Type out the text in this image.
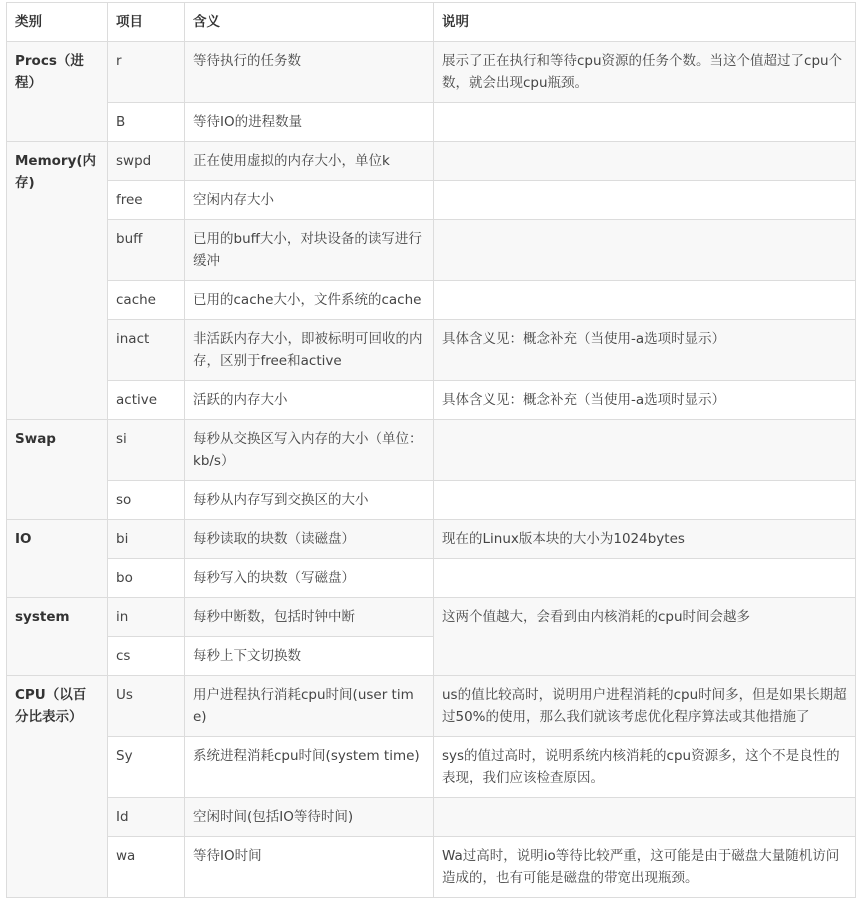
类别	项目	含义	说明
Procs（进程）	r	等待执行的任务数	展示了正在执行和等待cpu资源的任务个数。当这个值超过了cpu个数，就会出现cpu瓶颈。
	B	等待IO的进程数量	
Memory(内存)	swpd	正在使用虚拟的内存大小，单位k	
	free	空闲内存大小	
	buff	已用的buff大小，对块设备的读写进行缓冲	
	cache	已用的cache大小，文件系统的cache	
	inact	非活跃内存大小，即被标明可回收的内存，区别于free和active	具体含义见：概念补充（当使用-a选项时显示）
	active	活跃的内存大小	具体含义见：概念补充（当使用-a选项时显示）
Swap	si	每秒从交换区写入内存的大小（单位：kb/s）	
	so	每秒从内存写到交换区的大小	
IO	bi	每秒读取的块数（读磁盘）	现在的Linux版本块的大小为1024bytes
	bo	每秒写入的块数（写磁盘）	
system	in	每秒中断数，包括时钟中断	这两个值越大，会看到由内核消耗的cpu时间会越多
	cs	每秒上下文切换数	
CPU（以百分比表示）	Us	用户进程执行消耗cpu时间(user time)	us的值比较高时，说明用户进程消耗的cpu时间多，但是如果长期超过50%的使用，那么我们就该考虑优化程序算法或其他措施了
	Sy	系统进程消耗cpu时间(system time)	sys的值过高时，说明系统内核消耗的cpu资源多，这个不是良性的表现，我们应该检查原因。
	Id	空闲时间(包括IO等待时间)	
	wa	等待IO时间	Wa过高时，说明io等待比较严重，这可能是由于磁盘大量随机访问造成的，也有可能是磁盘的带宽出现瓶颈。
